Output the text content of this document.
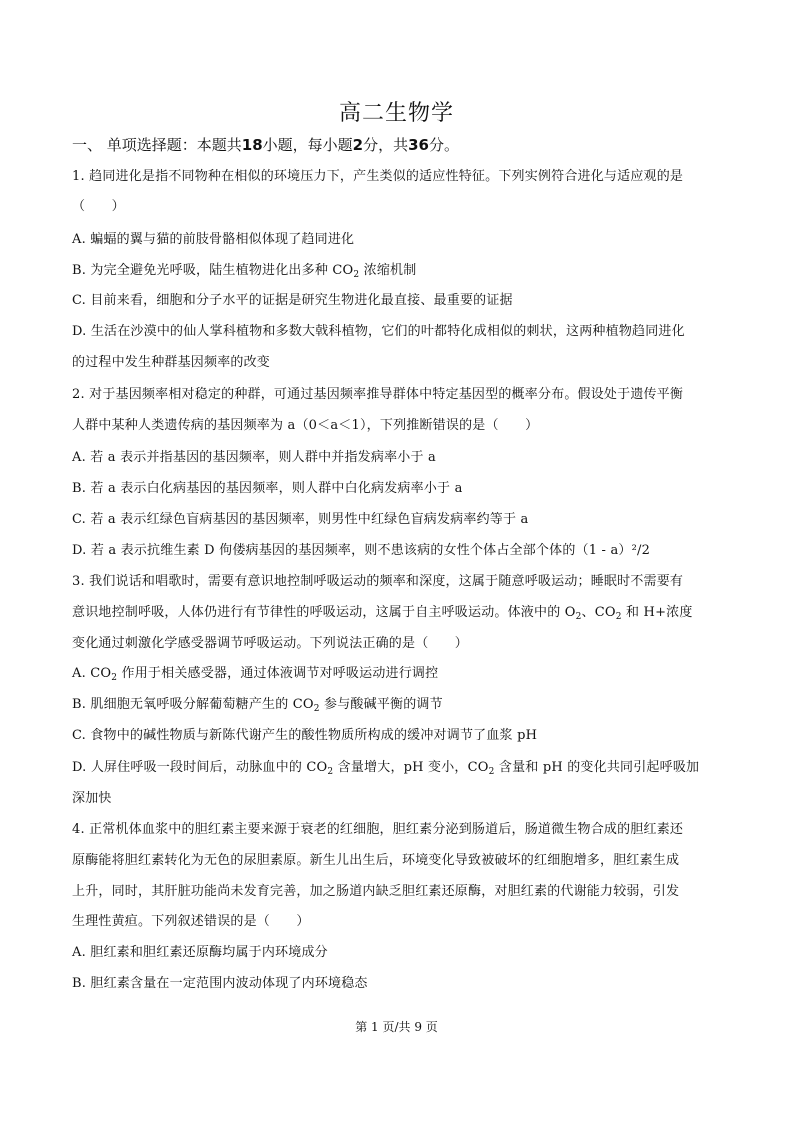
高二生物学
一、 单项选择题：本题共18小题，每小题2分，共36分。
1. 趋同进化是指不同物种在相似的环境压力下，产生类似的适应性特征。下列实例符合进化与适应观的是
（　　）
A. 蝙蝠的翼与猫的前肢骨骼相似体现了趋同进化
B. 为完全避免光呼吸，陆生植物进化出多种 $CO_2$ 浓缩机制
C. 目前来看，细胞和分子水平的证据是研究生物进化最直接、最重要的证据
D. 生活在沙漠中的仙人掌科植物和多数大戟科植物，它们的叶都特化成相似的刺状，这两种植物趋同进化
的过程中发生种群基因频率的改变
2. 对于基因频率相对稳定的种群，可通过基因频率推导群体中特定基因型的概率分布。假设处于遗传平衡
人群中某种人类遗传病的基因频率为 a（0＜a＜1），下列推断错误的是（　　）
A. 若 a 表示并指基因的基因频率，则人群中并指发病率小于 a
B. 若 a 表示白化病基因的基因频率，则人群中白化病发病率小于 a
C. 若 a 表示红绿色盲病基因的基因频率，则男性中红绿色盲病发病率约等于 a
D. 若 a 表示抗维生素 D 佝偻病基因的基因频率，则不患该病的女性个体占全部个体的（1 - a）²/2
3. 我们说话和唱歌时，需要有意识地控制呼吸运动的频率和深度，这属于随意呼吸运动；睡眠时不需要有
意识地控制呼吸，人体仍进行有节律性的呼吸运动，这属于自主呼吸运动。体液中的 $O_2$、$CO_2$ 和 H+浓度
变化通过刺激化学感受器调节呼吸运动。下列说法正确的是（　　）
A. $CO_2$ 作用于相关感受器，通过体液调节对呼吸运动进行调控
B. 肌细胞无氧呼吸分解葡萄糖产生的 $CO_2$ 参与酸碱平衡的调节
C. 食物中的碱性物质与新陈代谢产生的酸性物质所构成的缓冲对调节了血浆 pH
D. 人屏住呼吸一段时间后，动脉血中的 $CO_2$ 含量增大，pH 变小，$CO_2$ 含量和 pH 的变化共同引起呼吸加
深加快
4. 正常机体血浆中的胆红素主要来源于衰老的红细胞，胆红素分泌到肠道后，肠道微生物合成的胆红素还
原酶能将胆红素转化为无色的尿胆素原。新生儿出生后，环境变化导致被破坏的红细胞增多，胆红素生成
上升，同时，其肝脏功能尚未发育完善，加之肠道内缺乏胆红素还原酶，对胆红素的代谢能力较弱，引发
生理性黄疸。下列叙述错误的是（　　）
A. 胆红素和胆红素还原酶均属于内环境成分
B. 胆红素含量在一定范围内波动体现了内环境稳态
第 1 页/共 9 页
